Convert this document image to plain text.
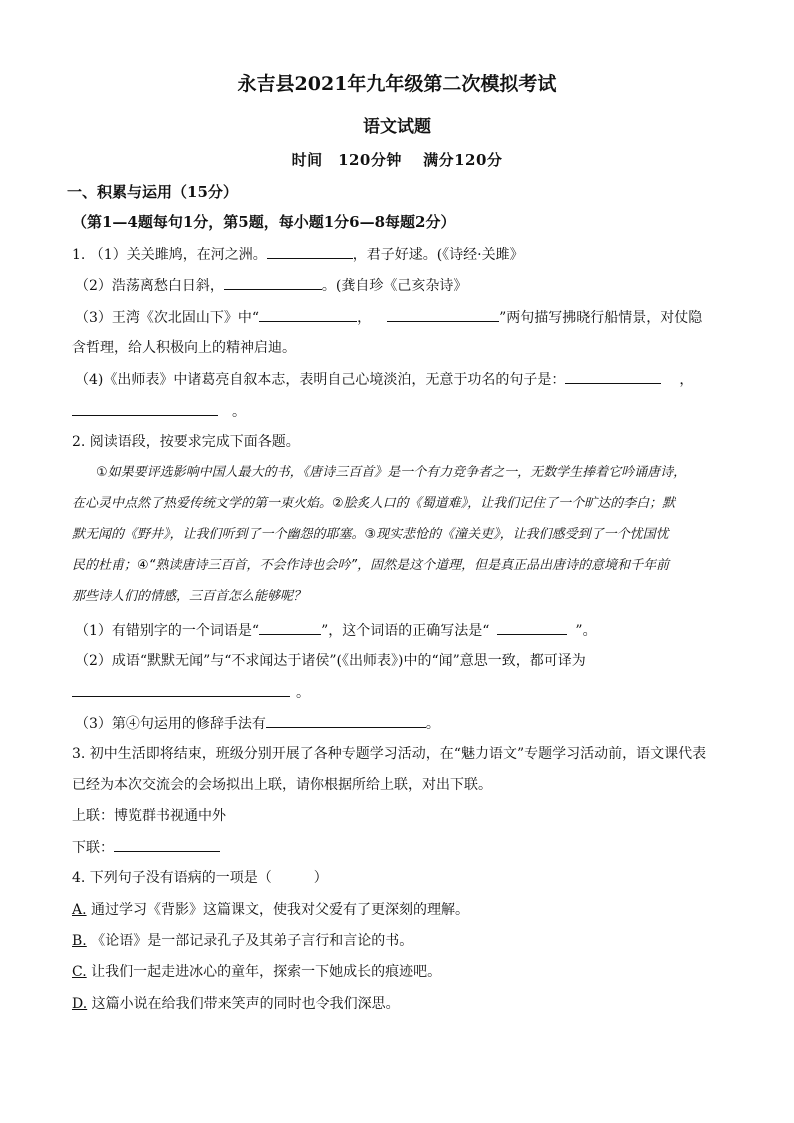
永吉县2021年九年级第二次模拟考试
语文试题
时间　120分钟　 满分120分
一、积累与运用（15分）
（第1—4题每句1分，第5题，每小题1分6—8每题2分）
1. （1）关关雎鸠，在河之洲。	，君子好逑。(《诗经·关雎》
（2）浩荡离愁白日斜，	。(龚自珍《己亥杂诗》
（3）王湾《次北固山下》中“	，	”两句描写拂晓行船情景，对仗隐
含哲理，给人积极向上的精神启迪。
（4)《出师表》中诸葛亮自叙本志，表明自己心境淡泊，无意于功名的句子是：	，
。
2. 阅读语段，按要求完成下面各题。
①如果要评选影响中国人最大的书，《唐诗三百首》是一个有力竞争者之一，无数学生捧着它吟诵唐诗，
在心灵中点然了热爱传统文学的第一束火焰。②脍炙人口的《蜀道难》，让我们记住了一个旷达的李白；默
默无闻的《野井》，让我们听到了一个幽怨的耶塞。③现实悲怆的《潼关吏》，让我们感受到了一个忧国忧
民的杜甫；④“熟读唐诗三百首，不会作诗也会吟”，固然是这个道理，但是真正品出唐诗的意境和千年前
那些诗人们的情感，三百首怎么能够呢？
（1）有错别字的一个词语是“	”，这个词语的正确写法是“	”。
（2）成语“默默无闻”与“不求闻达于诸侯”(《出师表》)中的“闻”意思一致，都可译为
。
（3）第④句运用的修辞手法有	。
3. 初中生活即将结束，班级分别开展了各种专题学习活动，在“魅力语文”专题学习活动前，语文课代表
已经为本次交流会的会场拟出上联，请你根据所给上联，对出下联。
上联：博览群书视通中外
下联：
4. 下列句子没有语病的一项是（　　　）
A. 通过学习《背影》这篇课文，使我对父爱有了更深刻的理解。
B. 《论语》是一部记录孔子及其弟子言行和言论的书。
C. 让我们一起走进冰心的童年，探索一下她成长的痕迹吧。
D. 这篇小说在给我们带来笑声的同时也令我们深思。
